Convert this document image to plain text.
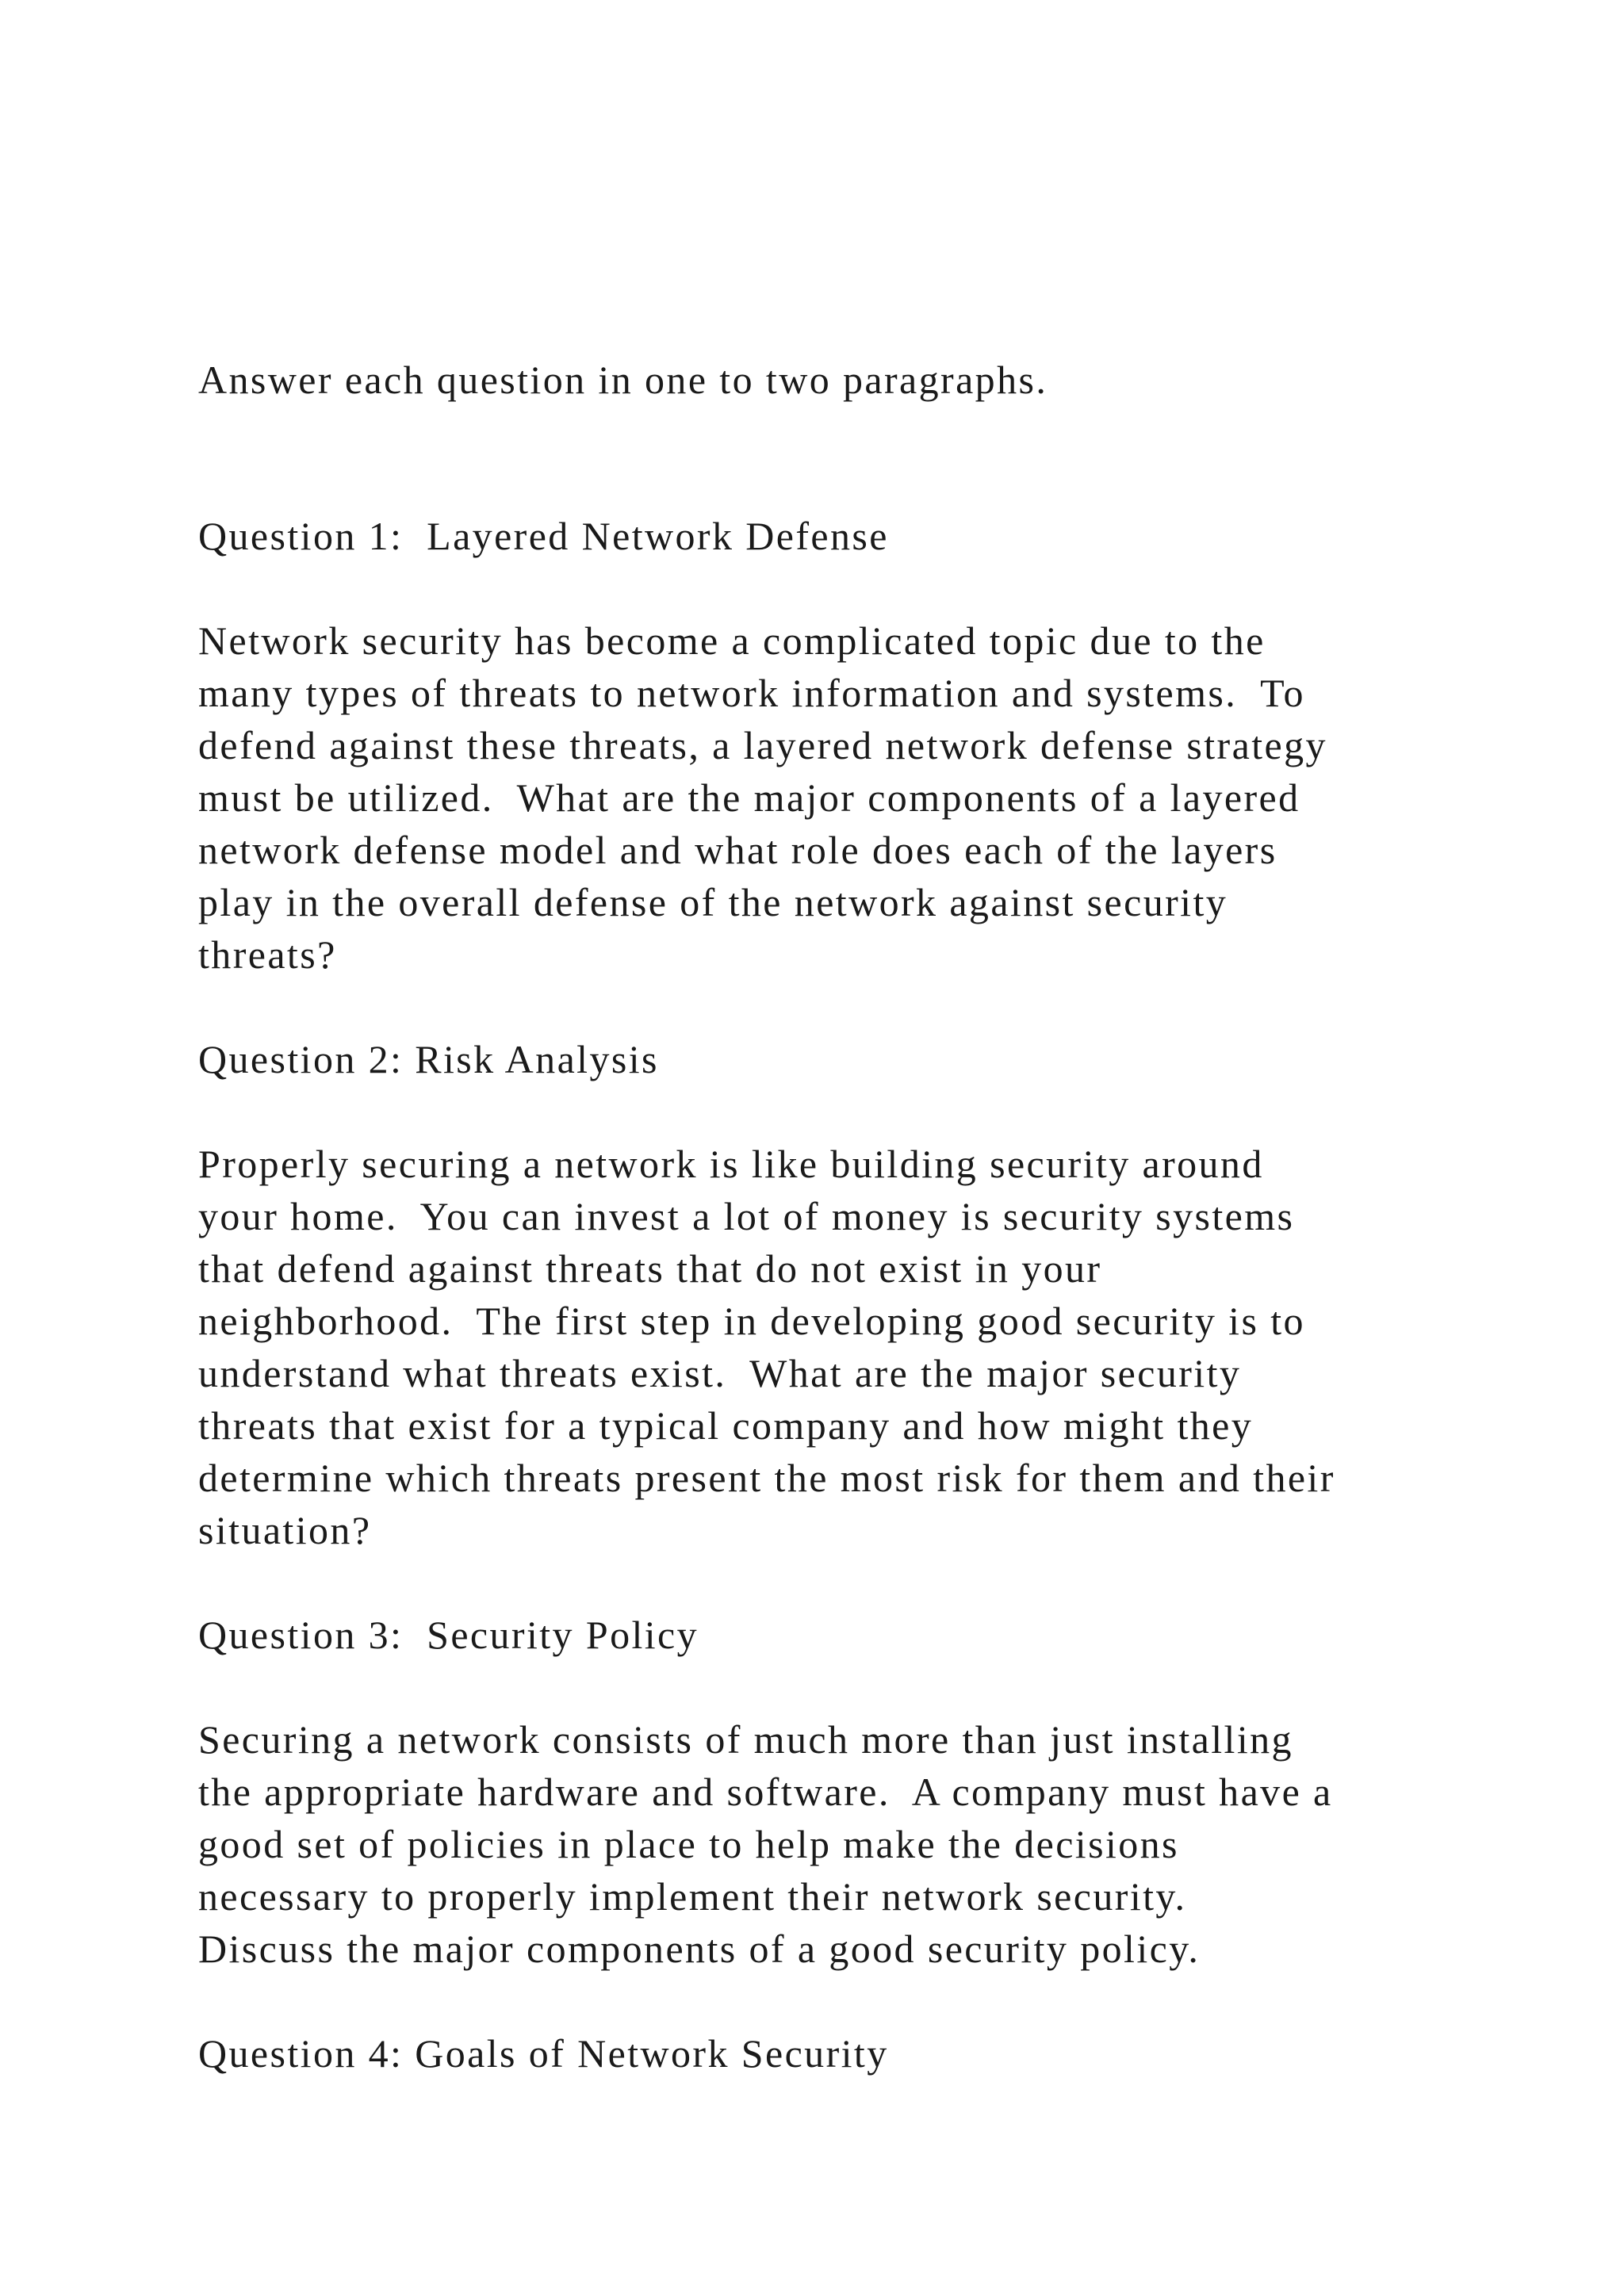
Answer each question in one to two paragraphs.
Question 1:  Layered Network Defense
Network security has become a complicated topic due to the
many types of threats to network information and systems.  To
defend against these threats, a layered network defense strategy
must be utilized.  What are the major components of a layered
network defense model and what role does each of the layers
play in the overall defense of the network against security
threats?
Question 2: Risk Analysis
Properly securing a network is like building security around
your home.  You can invest a lot of money is security systems
that defend against threats that do not exist in your
neighborhood.  The first step in developing good security is to
understand what threats exist.  What are the major security
threats that exist for a typical company and how might they
determine which threats present the most risk for them and their
situation?
Question 3:  Security Policy
Securing a network consists of much more than just installing
the appropriate hardware and software.  A company must have a
good set of policies in place to help make the decisions
necessary to properly implement their network security.
Discuss the major components of a good security policy.
Question 4: Goals of Network Security
